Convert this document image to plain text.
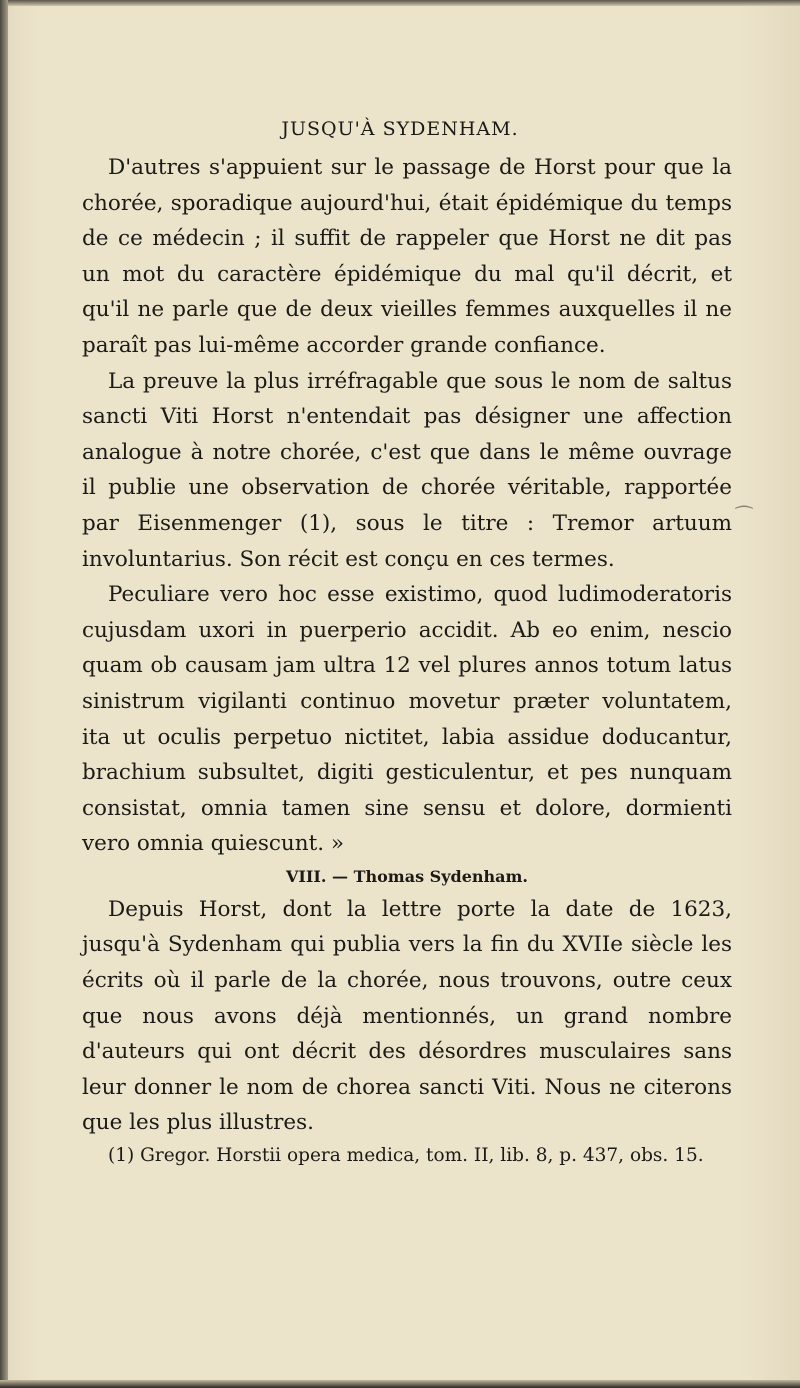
JUSQU'À SYDENHAM.

D'autres s'appuient sur le passage de Horst pour que la chorée, sporadique aujourd'hui, était épidémique du temps de ce médecin ; il suffit de rappeler que Horst ne dit pas un mot du caractère épidémique du mal qu'il décrit, et qu'il ne parle que de deux vieilles femmes auxquelles il ne paraît pas lui-même accorder grande confiance.

La preuve la plus irréfragable que sous le nom de saltus sancti Viti Horst n'entendait pas désigner une affection analogue à notre chorée, c'est que dans le même ouvrage il publie une observation de chorée véritable, rapportée par Eisenmenger (1), sous le titre : Tremor artuum involuntarius. Son récit est conçu en ces termes.

Peculiare vero hoc esse existimo, quod ludimoderatoris cujusdam uxori in puerperio accidit. Ab eo enim, nescio quam ob causam jam ultra 12 vel plures annos totum latus sinistrum vigilanti continuo movetur præter voluntatem, ita ut oculis perpetuo nictitet, labia assidue doducantur, brachium subsultet, digiti gesticulentur, et pes nunquam consistat, omnia tamen sine sensu et dolore, dormienti vero omnia quiescunt. »

VIII. — Thomas Sydenham.

Depuis Horst, dont la lettre porte la date de 1623, jusqu'à Sydenham qui publia vers la fin du XVIIe siècle les écrits où il parle de la chorée, nous trouvons, outre ceux que nous avons déjà mentionnés, un grand nombre d'auteurs qui ont décrit des désordres musculaires sans leur donner le nom de chorea sancti Viti. Nous ne citerons que les plus illustres.

(1) Gregor. Horstii opera medica, tom. II, lib. 8, p. 437, obs. 15.

⁀
